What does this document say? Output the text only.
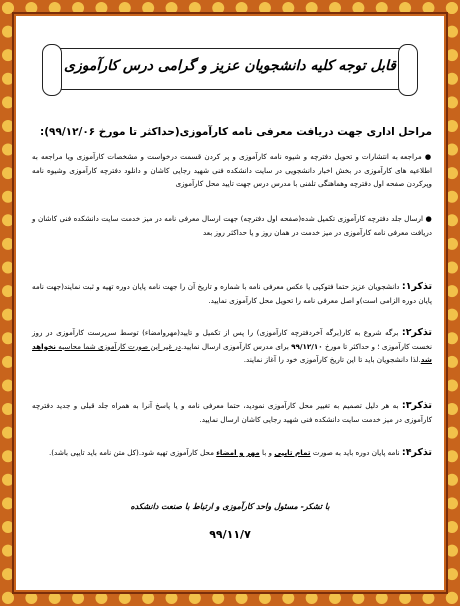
قابل توجه کلیه دانشجویان عزیز و گرامی درس کارآموزی
مراحل اداری جهت دریافت معرفی نامه کارآموزی(حداکثر تا مورخ ۹۹/۱۲/۰۶):
● مراجعه به انتشارات و تحویل دفترچه و شیوه نامه کارآموزی و پر کردن قسمت درخواست و مشخصات کارآموزی ویا مراجعه به اطلاعیه های کارآموزی در بخش اخبار دانشجویی در سایت دانشکده فنی شهید رجایی کاشان و دانلود دفترچه کارآموزی وشیوه نامه وپرکردن صفحه اول دفترچه وهماهنگی تلفنی با مدرس درس جهت تایید محل کارآموزی
● ارسال جلد دفترچه کارآموزی تکمیل شده(صفحه اول دفترچه) جهت ارسال معرفی نامه در میز خدمت سایت دانشکده فنی کاشان و دریافت معرفی نامه کارآموزی در میز خدمت در همان روز و یا حداکثر روز بعد
تذکر۱: دانشجویان عزیز حتما فتوکپی یا عکس معرفی نامه با شماره و تاریخ آن را جهت نامه پایان دوره تهیه و ثبت نمایند(جهت نامه پایان دوره الزامی است)و اصل معرفی نامه را تحویل محل کارآموزی نمایید.
تذکر۲: برگه شروع به کار(برگه آخردفترچه کارآموزی) را پس از تکمیل و تایید(مهروامضاء) توسط سرپرست کارآموزی در روز نخست کارآموزی ؛ و حداکثر تا مورخ ۹۹/۱۲/۱۰ برای مدرس کارآموزی ارسال نمایید.در غیر این صورت کارآموزی شما محاسبه نخواهد شد.لذا دانشجویان باید تا این تاریخ کارآموزی خود را آغاز نمایند.
تذکر۳: به هر دلیل تصمیم به تغییر محل کارآموزی نمودید، حتما معرفی نامه و یا پاسخ آنرا به همراه جلد قبلی و جدید دفترچه کارآموزی در میز خدمت سایت دانشکده فنی شهید رجایی کاشان ارسال نمایید.
تذکر۴: نامه پایان دوره باید به صورت تمام تایپی و با مهر و امضاء محل کارآموزی تهیه شود.(کل متن نامه باید تایپی باشد).
با تشکر- مسئول واحد کارآموزی و ارتباط با صنعت دانشکده
۹۹/۱۱/۷
